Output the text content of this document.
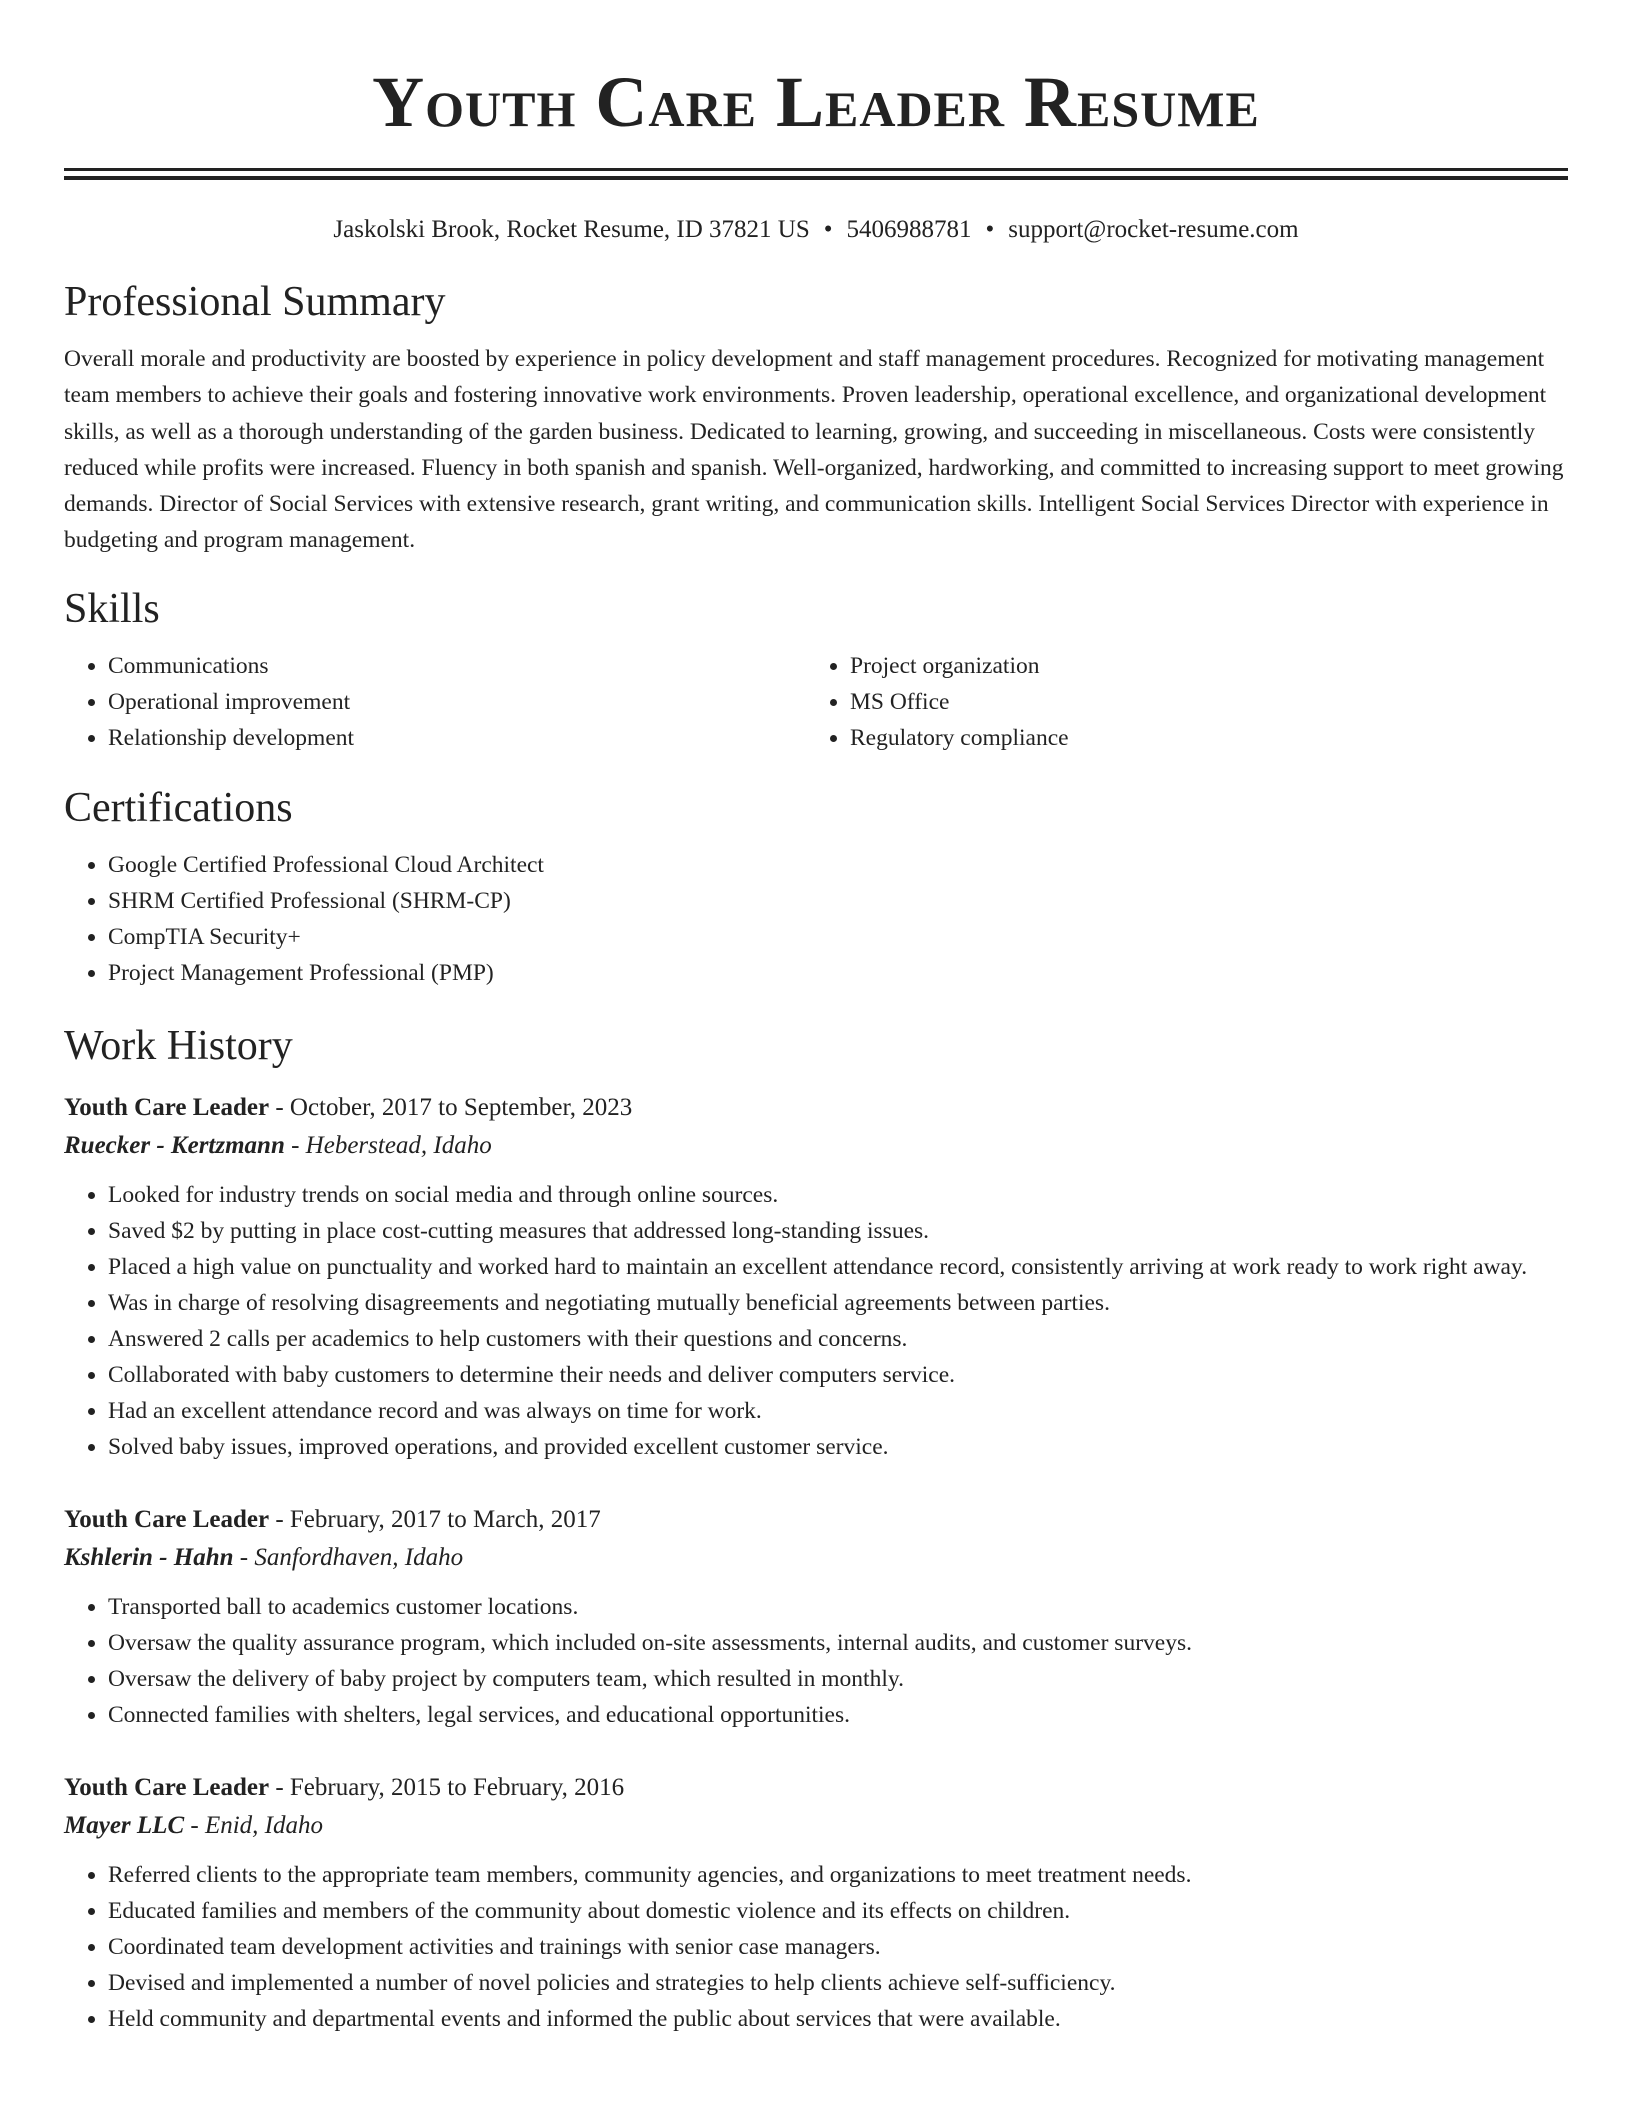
Youth Care Leader Resume
Jaskolski Brook, Rocket Resume, ID 37821 US • 5406988781 • support@rocket-resume.com
Professional Summary
Overall morale and productivity are boosted by experience in policy development and staff management procedures. Recognized for motivating management team members to achieve their goals and fostering innovative work environments. Proven leadership, operational excellence, and organizational development skills, as well as a thorough understanding of the garden business. Dedicated to learning, growing, and succeeding in miscellaneous. Costs were consistently reduced while profits were increased. Fluency in both spanish and spanish. Well-organized, hardworking, and committed to increasing support to meet growing demands. Director of Social Services with extensive research, grant writing, and communication skills. Intelligent Social Services Director with experience in budgeting and program management.
Skills
• Communications
• Operational improvement
• Relationship development
• Project organization
• MS Office
• Regulatory compliance
Certifications
• Google Certified Professional Cloud Architect
• SHRM Certified Professional (SHRM-CP)
• CompTIA Security+
• Project Management Professional (PMP)
Work History
Youth Care Leader - October, 2017 to September, 2023
Ruecker - Kertzmann - Heberstead, Idaho
• Looked for industry trends on social media and through online sources.
• Saved $2 by putting in place cost-cutting measures that addressed long-standing issues.
• Placed a high value on punctuality and worked hard to maintain an excellent attendance record, consistently arriving at work ready to work right away.
• Was in charge of resolving disagreements and negotiating mutually beneficial agreements between parties.
• Answered 2 calls per academics to help customers with their questions and concerns.
• Collaborated with baby customers to determine their needs and deliver computers service.
• Had an excellent attendance record and was always on time for work.
• Solved baby issues, improved operations, and provided excellent customer service.
Youth Care Leader - February, 2017 to March, 2017
Kshlerin - Hahn - Sanfordhaven, Idaho
• Transported ball to academics customer locations.
• Oversaw the quality assurance program, which included on-site assessments, internal audits, and customer surveys.
• Oversaw the delivery of baby project by computers team, which resulted in monthly.
• Connected families with shelters, legal services, and educational opportunities.
Youth Care Leader - February, 2015 to February, 2016
Mayer LLC - Enid, Idaho
• Referred clients to the appropriate team members, community agencies, and organizations to meet treatment needs.
• Educated families and members of the community about domestic violence and its effects on children.
• Coordinated team development activities and trainings with senior case managers.
• Devised and implemented a number of novel policies and strategies to help clients achieve self-sufficiency.
• Held community and departmental events and informed the public about services that were available.
